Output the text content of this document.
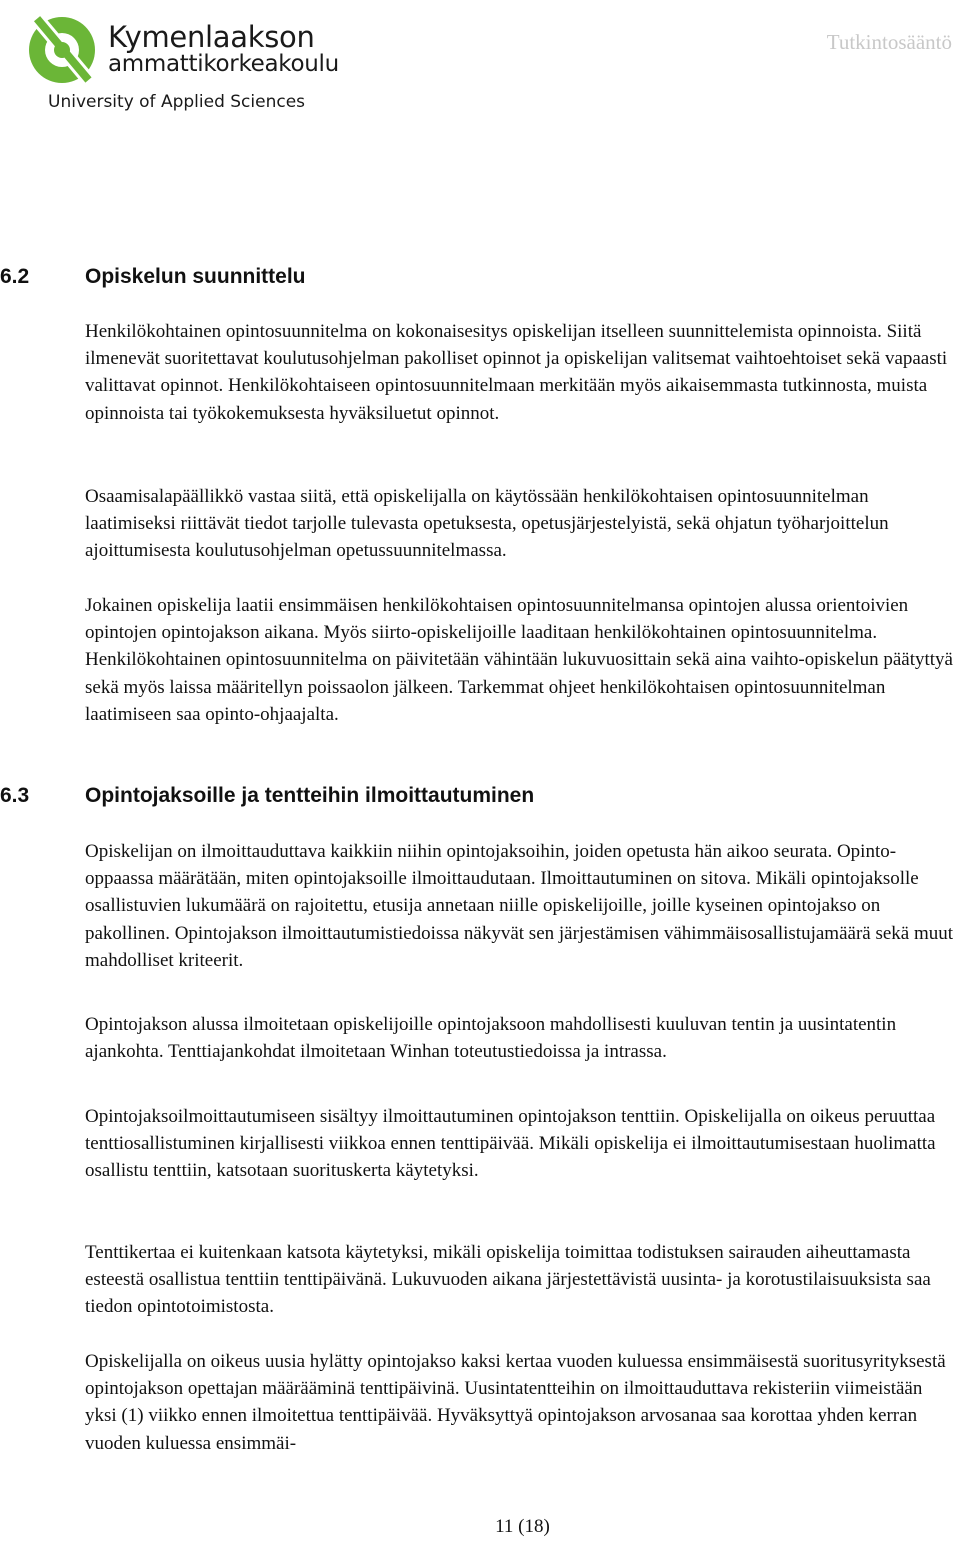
Kymenlaakson
ammattikorkeakoulu
University of Applied Sciences
Tutkintosääntö
6.2	Opiskelun suunnittelu

Henkilökohtainen opintosuunnitelma on kokonaisesitys opiskelijan itselleen suunnittelemista opinnoista. Siitä ilmenevät suoritettavat koulutusohjelman pakolliset opinnot ja opiskelijan valitsemat vaihtoehtoiset sekä vapaasti valittavat opinnot. Henkilökohtaiseen opintosuunnitelmaan merkitään myös aikaisemmasta tutkinnosta, muista opinnoista tai työkokemuksesta hyväksiluetut opinnot.

Osaamisalapäällikkö vastaa siitä, että opiskelijalla on käytössään henkilökohtaisen opintosuunnitelman laatimiseksi riittävät tiedot tarjolle tulevasta opetuksesta, opetusjärjestelyistä, sekä ohjatun työharjoittelun ajoittumisesta koulutusohjelman opetussuunnitelmassa.

Jokainen opiskelija laatii ensimmäisen henkilökohtaisen opintosuunnitelmansa opintojen alussa orientoivien opintojen opintojakson aikana. Myös siirto-opiskelijoille laaditaan henkilökohtainen opintosuunnitelma. Henkilökohtainen opintosuunnitelma on päivitetään vähintään lukuvuosittain sekä aina vaihto-opiskelun päätyttyä sekä myös laissa määritellyn poissaolon jälkeen. Tarkemmat ohjeet henkilökohtaisen opintosuunnitelman laatimiseen saa opinto-ohjaajalta.

6.3	Opintojaksoille ja tentteihin ilmoittautuminen

Opiskelijan on ilmoittauduttava kaikkiin niihin opintojaksoihin, joiden opetusta hän aikoo seurata. Opinto-oppaassa määrätään, miten opintojaksoille ilmoittaudutaan. Ilmoittautuminen on sitova. Mikäli opintojaksolle osallistuvien lukumäärä on rajoitettu, etusija annetaan niille opiskelijoille, joille kyseinen opintojakso on pakollinen. Opintojakson ilmoittautumistiedoissa näkyvät sen järjestämisen vähimmäisosallistujamäärä sekä muut mahdolliset kriteerit.

Opintojakson alussa ilmoitetaan opiskelijoille opintojaksoon mahdollisesti kuuluvan tentin ja uusintatentin ajankohta. Tenttiajankohdat ilmoitetaan Winhan toteutustiedoissa ja intrassa.

Opintojaksoilmoittautumiseen sisältyy ilmoittautuminen opintojakson tenttiin. Opiskelijalla on oikeus peruuttaa tenttiosallistuminen kirjallisesti viikkoa ennen tenttipäivää. Mikäli opiskelija ei ilmoittautumisestaan huolimatta osallistu tenttiin, katsotaan suorituskerta käytetyksi.

Tenttikertaa ei kuitenkaan katsota käytetyksi, mikäli opiskelija toimittaa todistuksen sairauden aiheuttamasta esteestä osallistua tenttiin tenttipäivänä. Lukuvuoden aikana järjestettävistä uusinta- ja korotustilaisuuksista saa tiedon opintotoimistosta.

Opiskelijalla on oikeus uusia hylätty opintojakso kaksi kertaa vuoden kuluessa ensimmäisestä suoritusyrityksestä opintojakson opettajan määrääminä tenttipäivinä. Uusintatentteihin on ilmoittauduttava rekisteriin viimeistään yksi (1) viikko ennen ilmoitettua tenttipäivää. Hyväksyttyä opintojakson arvosanaa saa korottaa yhden kerran vuoden kuluessa ensimmäi-

11 (18)
